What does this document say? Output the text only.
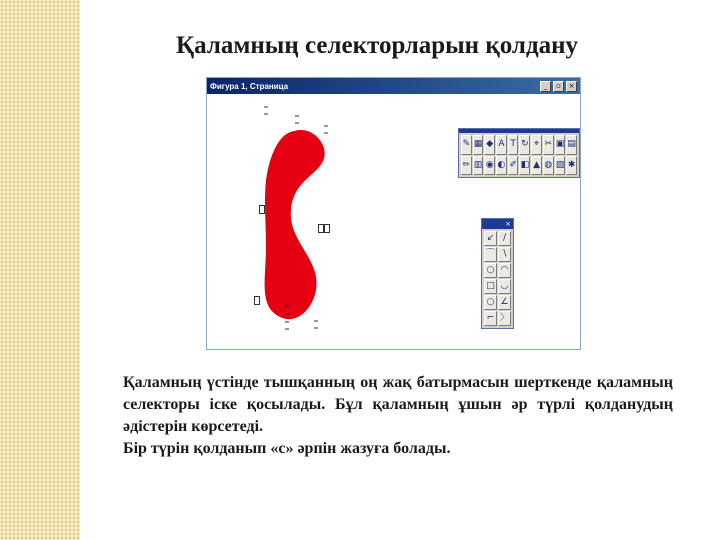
Қаламның селекторларын қолдану
Фигура 1, Страница	_	▫	×
✎ ▦ ◆ A T ↻ ⌖ ✂ ▣ ▤
✏ ▥ ◉ ◐ ✐ ◧ ▲ ◍ ▧ ✱
×
↙ ∕
⌒ ∖
○ ◠
□ ◡
○ ∠
⌐ 〉
Қаламның үстінде тышқанның оң жақ батырмасын шерткенде қаламның селекторы іске қосылады. Бұл қаламның ұшын әр түрлі қолданудың әдістерін көрсетеді.
Бір түрін қолданып «с» әрпін жазуға болады.
